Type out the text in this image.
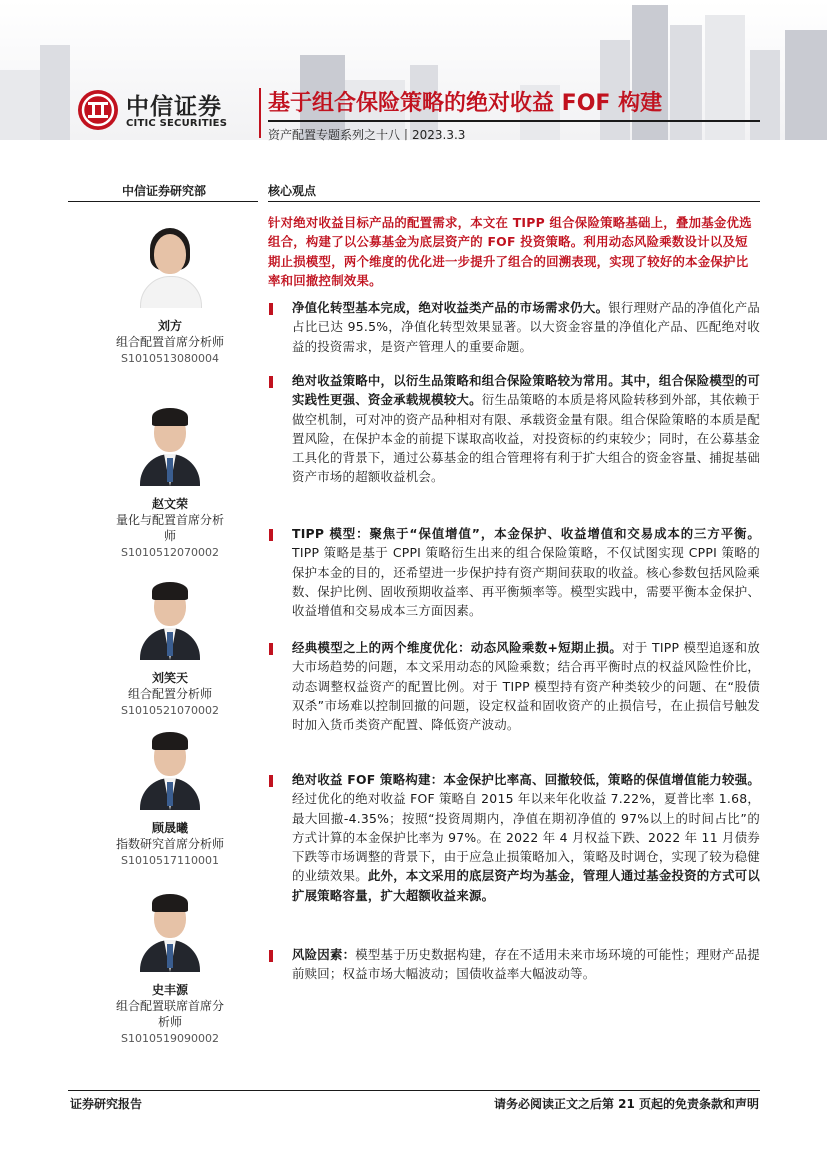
中信证券
CITIC SECURITIES
基于组合保险策略的绝对收益 FOF 构建
资产配置专题系列之十八丨2023.3.3
中信证券研究部	核心观点
刘方
组合配置首席分析师
S1010513080004
赵文荣
量化与配置首席分析师
S1010512070002
刘笑天
组合配置分析师
S1010521070002
顾晟曦
指数研究首席分析师
S1010517110001
史丰源
组合配置联席首席分析师
S1010519090002
针对绝对收益目标产品的配置需求，本文在 TIPP 组合保险策略基础上，叠加基金优选组合，构建了以公募基金为底层资产的 FOF 投资策略。利用动态风险乘数设计以及短期止损模型，两个维度的优化进一步提升了组合的回溯表现，实现了较好的本金保护比率和回撤控制效果。
净值化转型基本完成，绝对收益类产品的市场需求仍大。银行理财产品的净值化产品占比已达 95.5%，净值化转型效果显著。以大资金容量的净值化产品、匹配绝对收益的投资需求，是资产管理人的重要命题。
绝对收益策略中，以衍生品策略和组合保险策略较为常用。其中，组合保险模型的可实践性更强、资金承载规模较大。衍生品策略的本质是将风险转移到外部，其依赖于做空机制，可对冲的资产品种相对有限、承载资金量有限。组合保险策略的本质是配置风险，在保护本金的前提下谋取高收益，对投资标的约束较少；同时，在公募基金工具化的背景下，通过公募基金的组合管理将有利于扩大组合的资金容量、捕捉基础资产市场的超额收益机会。
TIPP 模型：聚焦于“保值增值”，本金保护、收益增值和交易成本的三方平衡。TIPP 策略是基于 CPPI 策略衍生出来的组合保险策略，不仅试图实现 CPPI 策略的保护本金的目的，还希望进一步保护持有资产期间获取的收益。核心参数包括风险乘数、保护比例、固收预期收益率、再平衡频率等。模型实践中，需要平衡本金保护、收益增值和交易成本三方面因素。
经典模型之上的两个维度优化：动态风险乘数+短期止损。对于 TIPP 模型追逐和放大市场趋势的问题，本文采用动态的风险乘数；结合再平衡时点的权益风险性价比，动态调整权益资产的配置比例。对于 TIPP 模型持有资产种类较少的问题、在“股债双杀”市场难以控制回撤的问题，设定权益和固收资产的止损信号，在止损信号触发时加入货币类资产配置、降低资产波动。
绝对收益 FOF 策略构建：本金保护比率高、回撤较低，策略的保值增值能力较强。经过优化的绝对收益 FOF 策略自 2015 年以来年化收益 7.22%，夏普比率 1.68，最大回撤-4.35%；按照“投资周期内，净值在期初净值的 97%以上的时间占比”的方式计算的本金保护比率为 97%。在 2022 年 4 月权益下跌、2022 年 11 月债券下跌等市场调整的背景下，由于应急止损策略加入，策略及时调仓，实现了较为稳健的业绩效果。此外，本文采用的底层资产均为基金，管理人通过基金投资的方式可以扩展策略容量，扩大超额收益来源。
风险因素：模型基于历史数据构建，存在不适用未来市场环境的可能性；理财产品提前赎回；权益市场大幅波动；国债收益率大幅波动等。
证券研究报告	请务必阅读正文之后第 21 页起的免责条款和声明
